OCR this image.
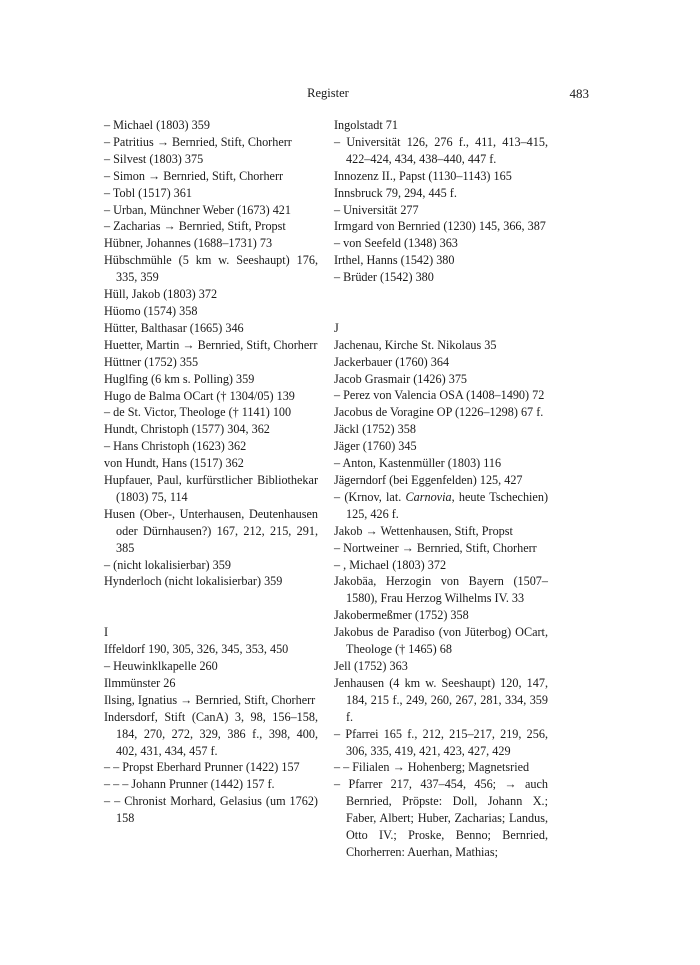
Register	483

– Michael (1803) 359

– Patritius → Bernried, Stift, Chorherr

– Silvest (1803) 375

– Simon → Bernried, Stift, Chorherr

– Tobl (1517) 361

– Urban, Münchner Weber (1673) 421

– Zacharias → Bernried, Stift, Propst

Hübner, Johannes (1688–1731) 73

Hübschmühle (5 km w. Seeshaupt) 176, 335, 359

Hüll, Jakob (1803) 372

Hüomo (1574) 358

Hütter, Balthasar (1665) 346

Huetter, Martin → Bernried, Stift, Chorherr

Hüttner (1752) 355

Huglfing (6 km s. Polling) 359

Hugo de Balma OCart († 1304/05) 139

– de St. Victor, Theologe († 1141) 100

Hundt, Christoph (1577) 304, 362

– Hans Christoph (1623) 362

von Hundt, Hans (1517) 362

Hupfauer, Paul, kurfürstlicher Bibliothekar (1803) 75, 114

Husen (Ober-, Unterhausen, Deutenhausen oder Dürnhausen?) 167, 212, 215, 291, 385

– (nicht lokalisierbar) 359

Hynderloch (nicht lokalisierbar) 359

I

Iffeldorf 190, 305, 326, 345, 353, 450

– Heuwinklkapelle 260

Ilmmünster 26

Ilsing, Ignatius → Bernried, Stift, Chorherr

Indersdorf, Stift (CanA) 3, 98, 156–158, 184, 270, 272, 329, 386 f., 398, 400, 402, 431, 434, 457 f.

– – Propst Eberhard Prunner (1422) 157

– – – Johann Prunner (1442) 157 f.

– – Chronist Morhard, Gelasius (um 1762) 158

Ingolstadt 71

– Universität 126, 276 f., 411, 413–415, 422–424, 434, 438–440, 447 f.

Innozenz II., Papst (1130–1143) 165

Innsbruck 79, 294, 445 f.

– Universität 277

Irmgard von Bernried (1230) 145, 366, 387

– von Seefeld (1348) 363

Irthel, Hanns (1542) 380

– Brüder (1542) 380

J

Jachenau, Kirche St. Nikolaus 35

Jackerbauer (1760) 364

Jacob Grasmair (1426) 375

– Perez von Valencia OSA (1408–1490) 72

Jacobus de Voragine OP (1226–1298) 67 f.

Jäckl (1752) 358

Jäger (1760) 345

– Anton, Kastenmüller (1803) 116

Jägerndorf (bei Eggenfelden) 125, 427

– (Krnov, lat. Carnovia, heute Tschechien) 125, 426 f.

Jakob → Wettenhausen, Stift, Propst

– Nortweiner → Bernried, Stift, Chorherr

– , Michael (1803) 372

Jakobäa, Herzogin von Bayern (1507–1580), Frau Herzog Wilhelms IV. 33

Jakobermeßmer (1752) 358

Jakobus de Paradiso (von Jüterbog) OCart, Theologe († 1465) 68

Jell (1752) 363

Jenhausen (4 km w. Seeshaupt) 120, 147, 184, 215 f., 249, 260, 267, 281, 334, 359 f.

– Pfarrei 165 f., 212, 215–217, 219, 256, 306, 335, 419, 421, 423, 427, 429

– – Filialen → Hohenberg; Magnetsried

– Pfarrer 217, 437–454, 456; → auch Bernried, Pröpste: Doll, Johann X.; Faber, Albert; Huber, Zacharias; Landus, Otto IV.; Proske, Benno; Bernried, Chorherren: Auerhan, Mathias;
